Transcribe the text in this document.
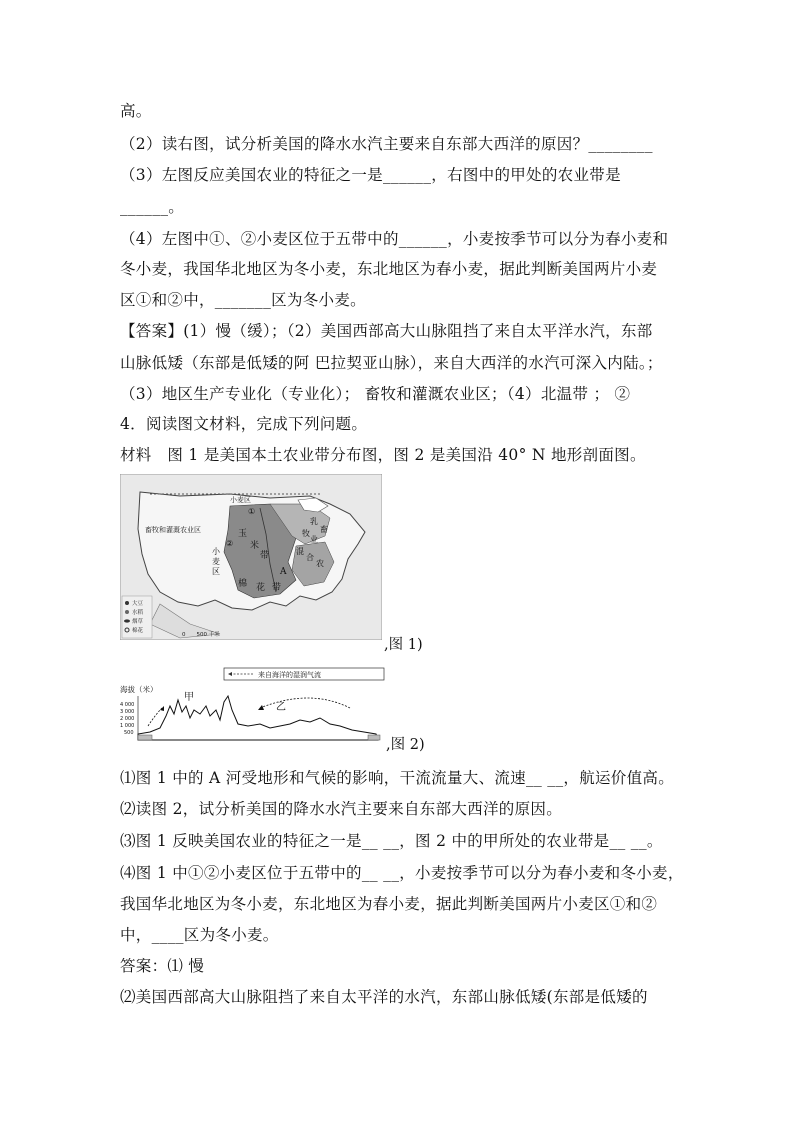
高。
（2）读右图，试分析美国的降水水汽主要来自东部大西洋的原因？________
（3）左图反应美国农业的特征之一是______，右图中的甲处的农业带是
______。
（4）左图中①、②小麦区位于五带中的______，小麦按季节可以分为春小麦和
冬小麦，我国华北地区为冬小麦，东北地区为春小麦，据此判断美国两片小麦
区①和②中，_______区为冬小麦。
【答案】(1）慢（缓）；（2）美国西部高大山脉阻挡了来自太平洋水汽，东部
山脉低矮（东部是低矮的阿 巴拉契亚山脉），来自大西洋的水汽可深入内陆。；
（3）地区生产专业化（专业化）； 畜牧和灌溉农业区；（4）北温带 ； ②
4．阅读图文材料，完成下列问题。
材料　图 1 是美国本土农业带分布图，图 2 是美国沿 40° N 地形剖面图。
畜牧和灌溉农业区
小麦区
玉
米
带
棉 花 带
A
乳
畜
牧
业
小
麦
区
混
合
农
①
②
大豆
水稻
烟草
棉花
0　　500 千米
,图 1)
来自海洋的湿润气流
海拔（米）
4 000
3 000
2 000
1 000
500
甲
乙
,图 2)
⑴图 1 中的 A 河受地形和气候的影响，干流流量大、流速__ __，航运价值高。
⑵读图 2，试分析美国的降水水汽主要来自东部大西洋的原因。
⑶图 1 反映美国农业的特征之一是__ __，图 2 中的甲所处的农业带是__ __。
⑷图 1 中①②小麦区位于五带中的__ __，小麦按季节可以分为春小麦和冬小麦，
我国华北地区为冬小麦，东北地区为春小麦，据此判断美国两片小麦区①和②
中，____区为冬小麦。
答案：⑴ 慢
⑵美国西部高大山脉阻挡了来自太平洋的水汽，东部山脉低矮(东部是低矮的
